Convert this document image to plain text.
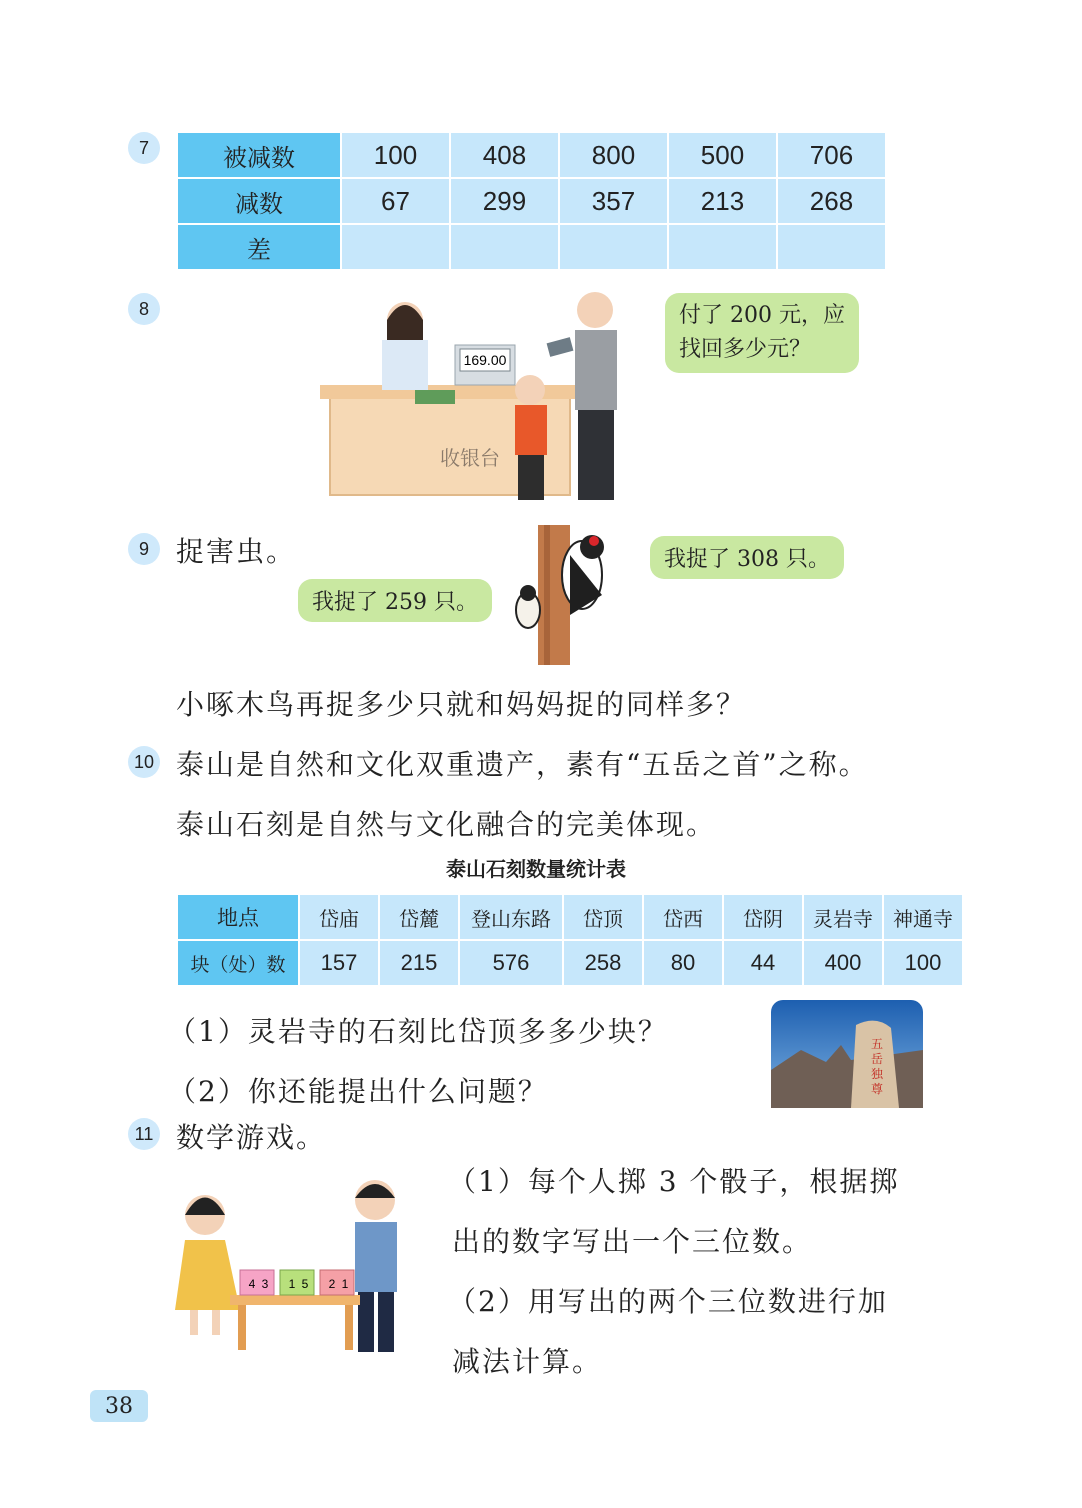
7	被减数	100	408	800	500	706
减数	67	299	357	213	268
差					
8
169.00
收银台
付了 200 元，应
找回多少元？
9 捉害虫。	我捉了 308 只。
我捉了 259 只。
小啄木鸟再捉多少只就和妈妈捉的同样多？
10 泰山是自然和文化双重遗产，素有“五岳之首”之称。
泰山石刻是自然与文化融合的完美体现。
泰山石刻数量统计表
地点	岱庙	岱麓	登山东路	岱顶	岱西	岱阴	灵岩寺	神通寺
块（处）数	157	215	576	258	80	44	400	100
（1）灵岩寺的石刻比岱顶多多少块？
（2）你还能提出什么问题？
五
岳
独
尊
11 数学游戏。
4 3 1 5 2 1
（1）每个人掷 3 个骰子，根据掷
出的数字写出一个三位数。
（2）用写出的两个三位数进行加
减法计算。
38
